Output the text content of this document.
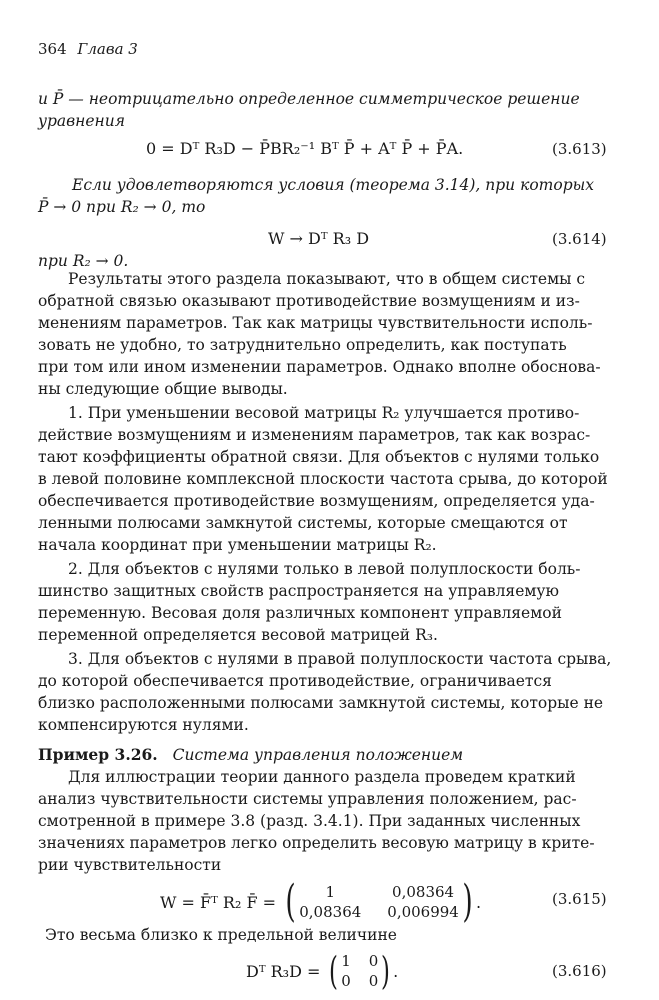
364 Глава 3
и P̄ — неотрицательно определенное симметрическое решение
уравнения
0 = Dᵀ R₃D − P̄BR₂⁻¹ Bᵀ P̄ + Aᵀ P̄ + P̄A.	(3.613)
Если удовлетворяются условия (теорема 3.14), при которых
P̄ → 0 при R₂ → 0, то
W → Dᵀ R₃ D	(3.614)
при R₂ → 0.
Результаты этого раздела показывают, что в общем системы с
обратной связью оказывают противодействие возмущениям и из-
менениям параметров. Так как матрицы чувствительности исполь-
зовать не удобно, то затруднительно определить, как поступать
при том или ином изменении параметров. Однако вполне обоснова-
ны следующие общие выводы.
1. При уменьшении весовой матрицы R₂ улучшается противо-
действие возмущениям и изменениям параметров, так как возрас-
тают коэффициенты обратной связи. Для объектов с нулями только
в левой половине комплексной плоскости частота срыва, до которой
обеспечивается противодействие возмущениям, определяется уда-
ленными полюсами замкнутой системы, которые смещаются от
начала координат при уменьшении матрицы R₂.
2. Для объектов с нулями только в левой полуплоскости боль-
шинство защитных свойств распространяется на управляемую
переменную. Весовая доля различных компонент управляемой
переменной определяется весовой матрицей R₃.
3. Для объектов с нулями в правой полуплоскости частота срыва,
до которой обеспечивается противодействие, ограничивается
близко расположенными полюсами замкнутой системы, которые не
компенсируются нулями.
Пример 3.26. Система управления положением
Для иллюстрации теории данного раздела проведем краткий
анализ чувствительности системы управления положением, рас-
смотренной в примере 3.8 (разд. 3.4.1). При заданных численных
значениях параметров легко определить весовую матрицу в крите-
рии чувствительности
W = F̄ᵀ R₂ F̄ = (	1	0,08364
0,08364 0,006994 ) .	(3.615)
Это весьма близко к предельной величине
Dᵀ R₃D = ( 1 0
0 0 ) .	(3.616)
